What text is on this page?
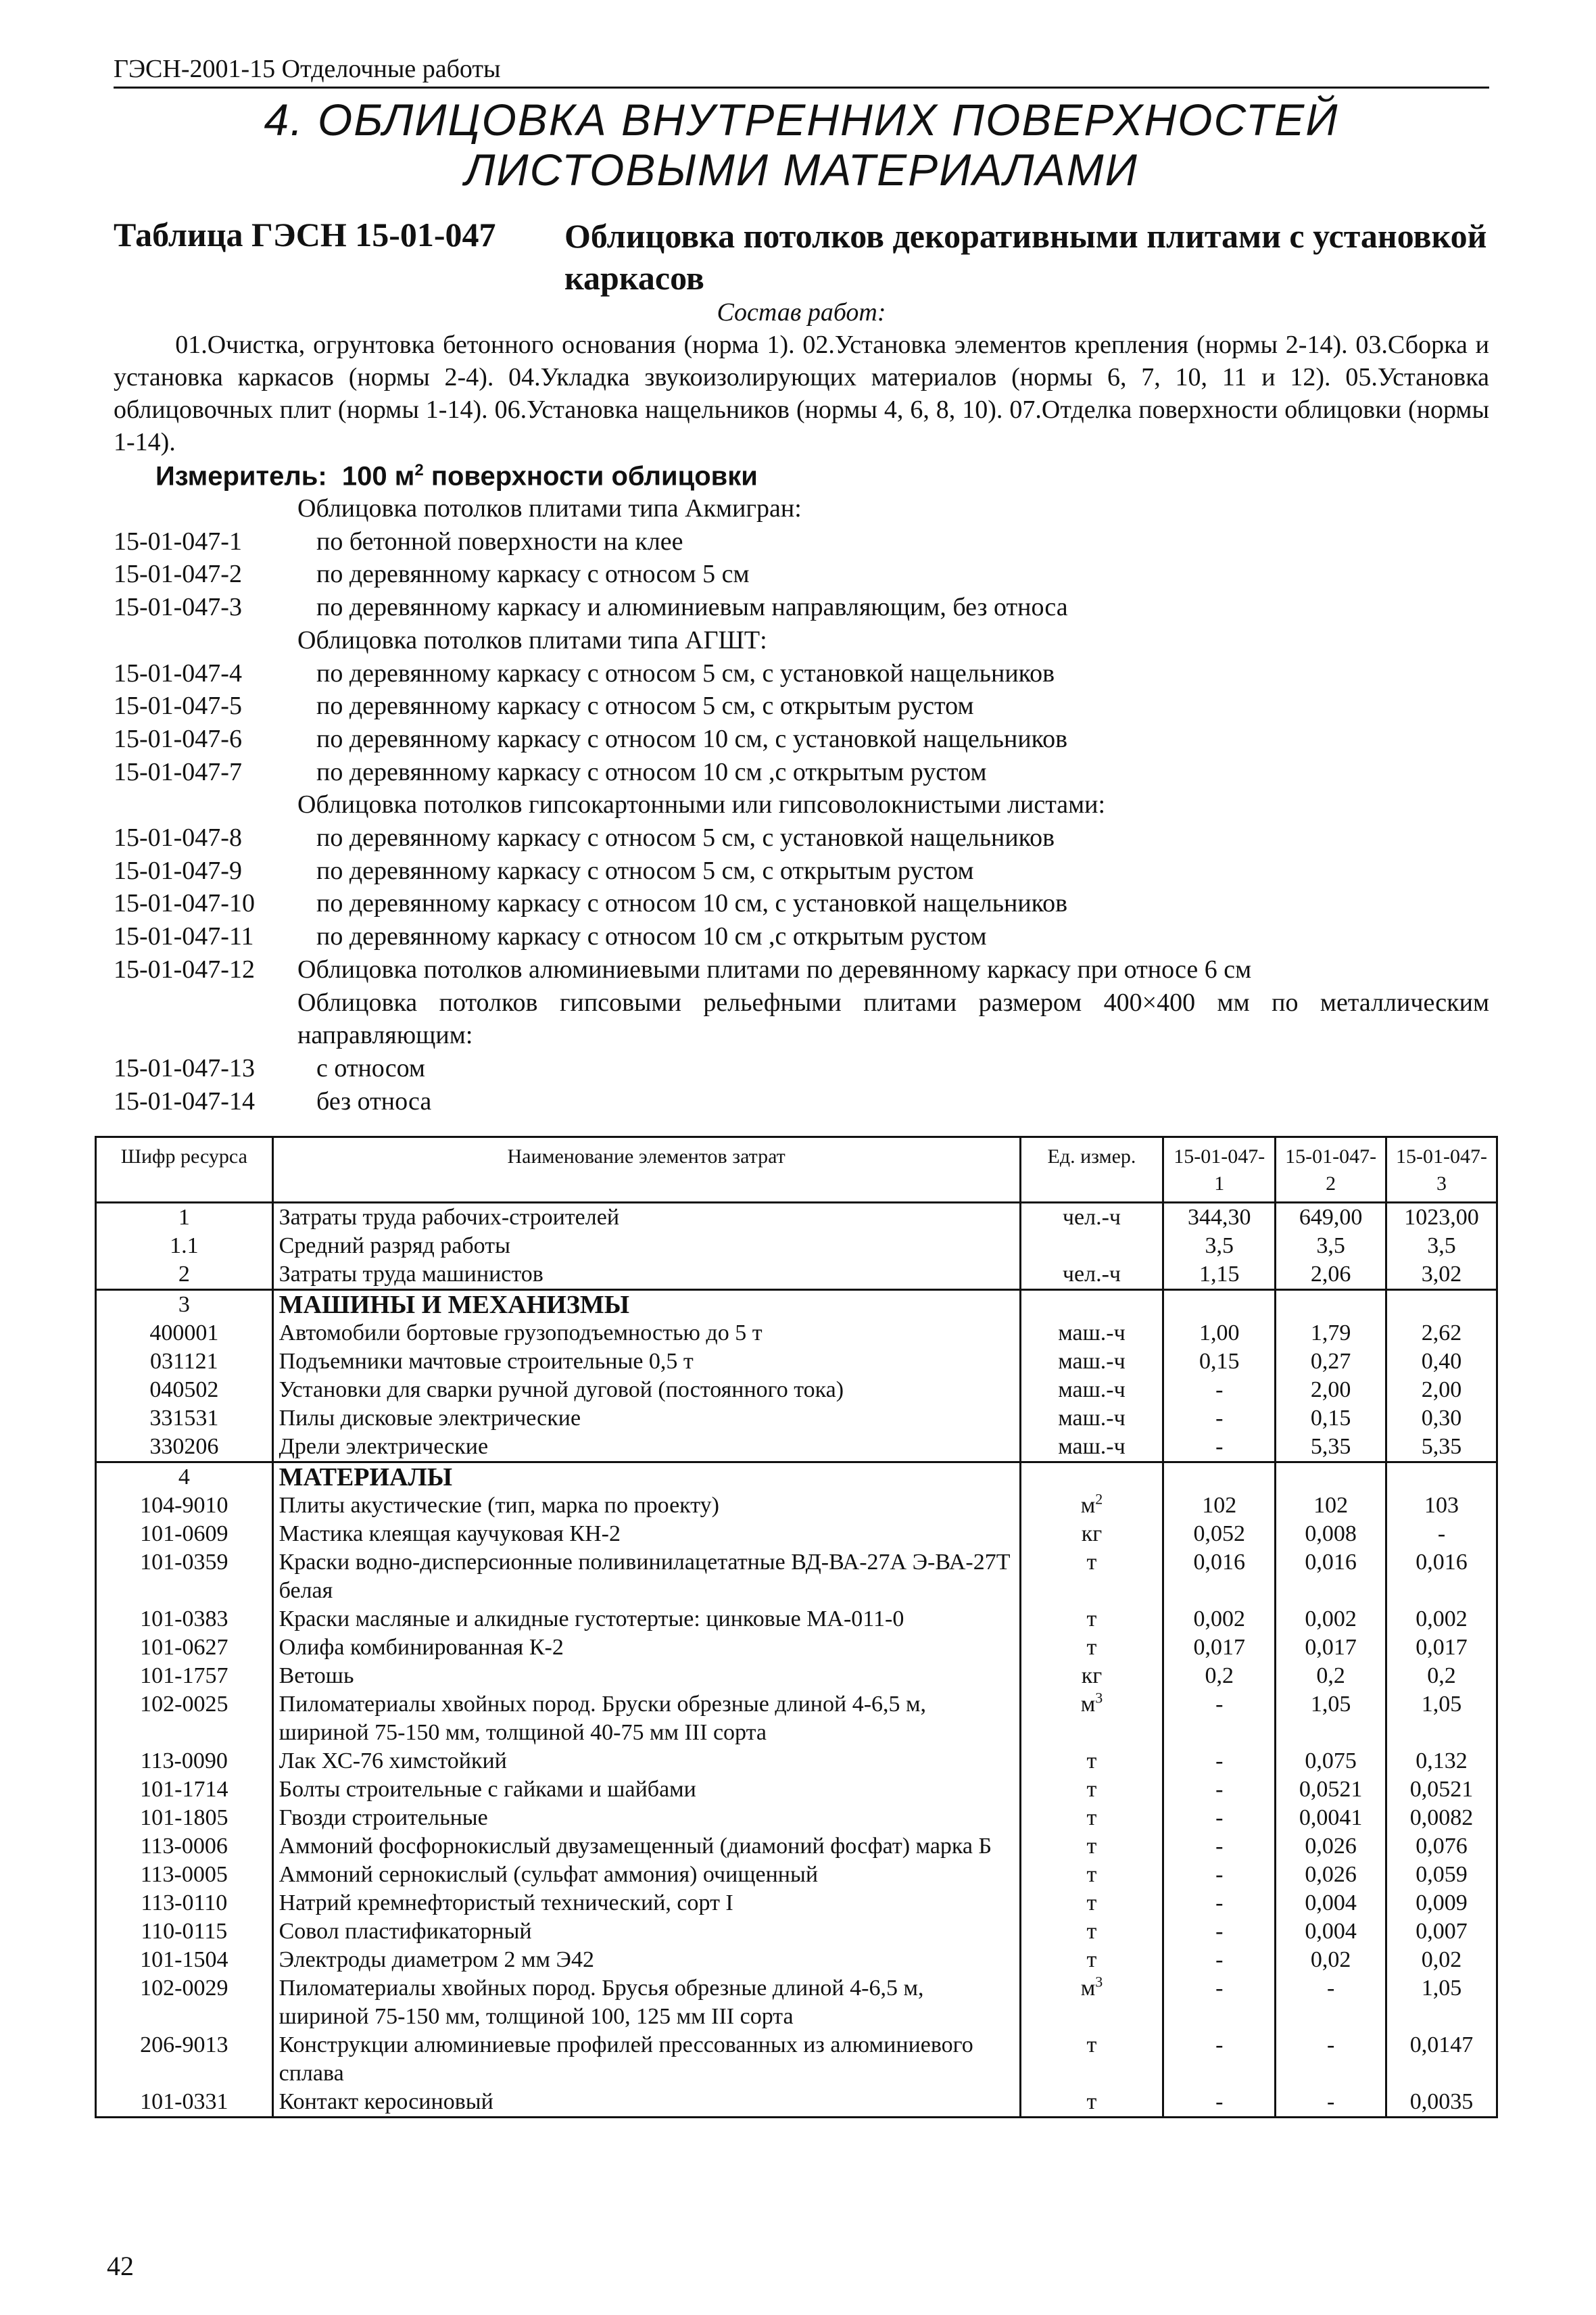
ГЭСН-2001-15 Отделочные работы
4. ОБЛИЦОВКА ВНУТРЕННИХ ПОВЕРХНОСТЕЙ ЛИСТОВЫМИ МАТЕРИАЛАМИ
Таблица ГЭСН 15-01-047 Облицовка потолков декоративными плитами с установкой каркасов
Состав работ:
01.Очистка, огрунтовка бетонного основания (норма 1). 02.Установка элементов крепления (нормы 2-14). 03.Сборка и установка каркасов (нормы 2-4). 04.Укладка звукоизолирующих материалов (нормы 6, 7, 10, 11 и 12). 05.Установка облицовочных плит (нормы 1-14). 06.Установка нащельников (нормы 4, 6, 8, 10). 07.Отделка поверхности облицовки (нормы 1-14).
Измеритель: 100 $м^2$ поверхности облицовки
Облицовка потолков плитами типа Акмигран:
15-01-047-1	по бетонной поверхности на клее
15-01-047-2	по деревянному каркасу с относом 5 см
15-01-047-3	по деревянному каркасу и алюминиевым направляющим, без относа
Облицовка потолков плитами типа АГШТ:
15-01-047-4	по деревянному каркасу с относом 5 см, с установкой нащельников
15-01-047-5	по деревянному каркасу с относом 5 см, с открытым рустом
15-01-047-6	по деревянному каркасу с относом 10 см, с установкой нащельников
15-01-047-7	по деревянному каркасу с относом 10 см ,с открытым рустом
Облицовка потолков гипсокартонными или гипсоволокнистыми листами:
15-01-047-8	по деревянному каркасу с относом 5 см, с установкой нащельников
15-01-047-9	по деревянному каркасу с относом 5 см, с открытым рустом
15-01-047-10	по деревянному каркасу с относом 10 см, с установкой нащельников
15-01-047-11	по деревянному каркасу с относом 10 см ,с открытым рустом
15-01-047-12	Облицовка потолков алюминиевыми плитами по деревянному каркасу при относе 6 см
Облицовка потолков гипсовыми рельефными плитами размером 400×400 мм по металлическим направляющим:
15-01-047-13	с относом
15-01-047-14	без относа
Шифр ресурса	Наименование элементов затрат	Ед. измер.	15-01-047-1	15-01-047-2	15-01-047-3
1	Затраты труда рабочих-строителей	чел.-ч	344,30	649,00	1023,00
1.1	Средний разряд работы		3,5	3,5	3,5
2	Затраты труда машинистов	чел.-ч	1,15	2,06	3,02
3	МАШИНЫ И МЕХАНИЗМЫ				
400001	Автомобили бортовые грузоподъемностью до 5 т	маш.-ч	1,00	1,79	2,62
031121	Подъемники мачтовые строительные 0,5 т	маш.-ч	0,15	0,27	0,40
040502	Установки для сварки ручной дуговой (постоянного тока)	маш.-ч	-	2,00	2,00
331531	Пилы дисковые электрические	маш.-ч	-	0,15	0,30
330206	Дрели электрические	маш.-ч	-	5,35	5,35
4	МАТЕРИАЛЫ				
104-9010	Плиты акустические (тип, марка по проекту)	$м^2$	102	102	103
101-0609	Мастика клеящая каучуковая КН-2	кг	0,052	0,008	-
101-0359	Краски водно-дисперсионные поливинилацетатные ВД-ВА-27А Э-ВА-27Т белая	т	0,016	0,016	0,016
101-0383	Краски масляные и алкидные густотертые: цинковые МА-011-0	т	0,002	0,002	0,002
101-0627	Олифа комбинированная К-2	т	0,017	0,017	0,017
101-1757	Ветошь	кг	0,2	0,2	0,2
102-0025	Пиломатериалы хвойных пород. Бруски обрезные длиной 4-6,5 м, шириной 75-150 мм, толщиной 40-75 мм III сорта	$м^3$	-	1,05	1,05
113-0090	Лак ХС-76 химстойкий	т	-	0,075	0,132
101-1714	Болты строительные с гайками и шайбами	т	-	0,0521	0,0521
101-1805	Гвозди строительные	т	-	0,0041	0,0082
113-0006	Аммоний фосфорнокислый двузамещенный (диамоний фосфат) марка Б	т	-	0,026	0,076
113-0005	Аммоний сернокислый (сульфат аммония) очищенный	т	-	0,026	0,059
113-0110	Натрий кремнефтористый технический, сорт I	т	-	0,004	0,009
110-0115	Совол пластификаторный	т	-	0,004	0,007
101-1504	Электроды диаметром 2 мм Э42	т	-	0,02	0,02
102-0029	Пиломатериалы хвойных пород. Брусья обрезные длиной 4-6,5 м, шириной 75-150 мм, толщиной 100, 125 мм III сорта	$м^3$	-	-	1,05
206-9013	Конструкции алюминиевые профилей прессованных из алюминиевого сплава	т	-	-	0,0147
101-0331	Контакт керосиновый	т	-	-	0,0035
42
